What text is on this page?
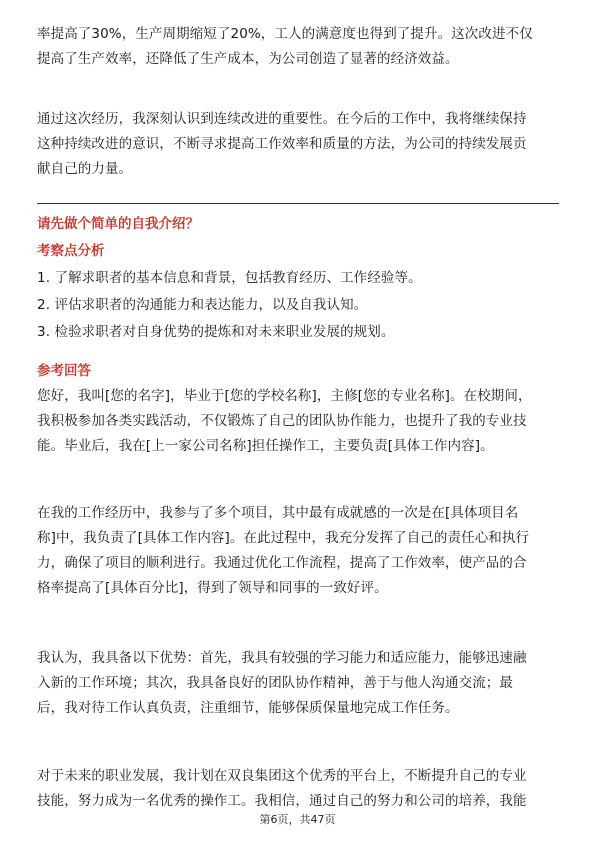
率提高了30%，生产周期缩短了20%，工人的满意度也得到了提升。这次改进不仅

提高了生产效率，还降低了生产成本，为公司创造了显著的经济效益。

通过这次经历，我深刻认识到连续改进的重要性。在今后的工作中，我将继续保持

这种持续改进的意识，不断寻求提高工作效率和质量的方法，为公司的持续发展贡

献自己的力量。

请先做个简单的自我介绍？

考察点分析

1. 了解求职者的基本信息和背景，包括教育经历、工作经验等。

2. 评估求职者的沟通能力和表达能力，以及自我认知。

3. 检验求职者对自身优势的提炼和对未来职业发展的规划。

参考回答

您好，我叫[您的名字]，毕业于[您的学校名称]，主修[您的专业名称]。在校期间，

我积极参加各类实践活动，不仅锻炼了自己的团队协作能力，也提升了我的专业技

能。毕业后，我在[上一家公司名称]担任操作工，主要负责[具体工作内容]。

在我的工作经历中，我参与了多个项目，其中最有成就感的一次是在[具体项目名

称]中，我负责了[具体工作内容]。在此过程中，我充分发挥了自己的责任心和执行

力，确保了项目的顺利进行。我通过优化工作流程，提高了工作效率，使产品的合

格率提高了[具体百分比]，得到了领导和同事的一致好评。

我认为，我具备以下优势：首先，我具有较强的学习能力和适应能力，能够迅速融

入新的工作环境；其次，我具备良好的团队协作精神，善于与他人沟通交流；最

后，我对待工作认真负责，注重细节，能够保质保量地完成工作任务。

对于未来的职业发展，我计划在双良集团这个优秀的平台上，不断提升自己的专业

技能，努力成为一名优秀的操作工。我相信，通过自己的努力和公司的培养，我能

第6页，共47页
